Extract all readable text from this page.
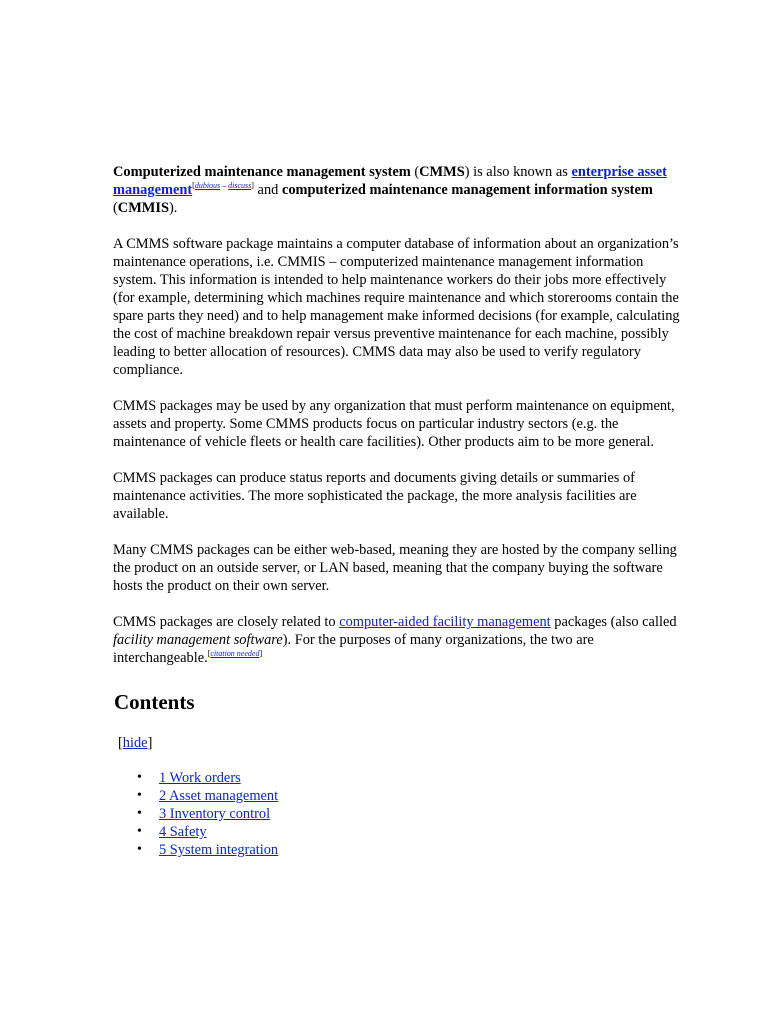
Computerized maintenance management system (CMMS) is also known as enterprise asset management[dubious – discuss] and computerized maintenance management information system (CMMIS).

A CMMS software package maintains a computer database of information about an organization’s maintenance operations, i.e. CMMIS – computerized maintenance management information system. This information is intended to help maintenance workers do their jobs more effectively (for example, determining which machines require maintenance and which storerooms contain the spare parts they need) and to help management make informed decisions (for example, calculating the cost of machine breakdown repair versus preventive maintenance for each machine, possibly leading to better allocation of resources). CMMS data may also be used to verify regulatory compliance.

CMMS packages may be used by any organization that must perform maintenance on equipment, assets and property. Some CMMS products focus on particular industry sectors (e.g. the maintenance of vehicle fleets or health care facilities). Other products aim to be more general.

CMMS packages can produce status reports and documents giving details or summaries of maintenance activities. The more sophisticated the package, the more analysis facilities are available.

Many CMMS packages can be either web-based, meaning they are hosted by the company selling the product on an outside server, or LAN based, meaning that the company buying the software hosts the product on their own server.

CMMS packages are closely related to computer-aided facility management packages (also called facility management software). For the purposes of many organizations, the two are interchangeable.[citation needed]

Contents
[hide]
• 1 Work orders
• 2 Asset management
• 3 Inventory control
• 4 Safety
• 5 System integration
